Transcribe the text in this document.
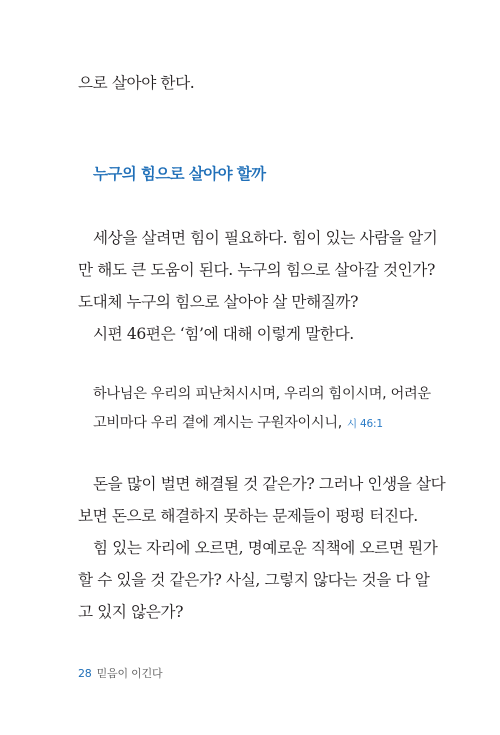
으로 살아야 한다.
누구의 힘으로 살아야 할까
세상을 살려면 힘이 필요하다. 힘이 있는 사람을 알기
만 해도 큰 도움이 된다. 누구의 힘으로 살아갈 것인가?
도대체 누구의 힘으로 살아야 살 만해질까?
시편 46편은 ‘힘’에 대해 이렇게 말한다.
하나님은 우리의 피난처시시며, 우리의 힘이시며, 어려운
고비마다 우리 곁에 계시는 구원자이시니, 시 46:1
돈을 많이 벌면 해결될 것 같은가? 그러나 인생을 살다
보면 돈으로 해결하지 못하는 문제들이 펑펑 터진다.
힘 있는 자리에 오르면, 명예로운 직책에 오르면 뭔가
할 수 있을 것 같은가? 사실, 그렇지 않다는 것을 다 알
고 있지 않은가?
28 믿음이 이긴다
